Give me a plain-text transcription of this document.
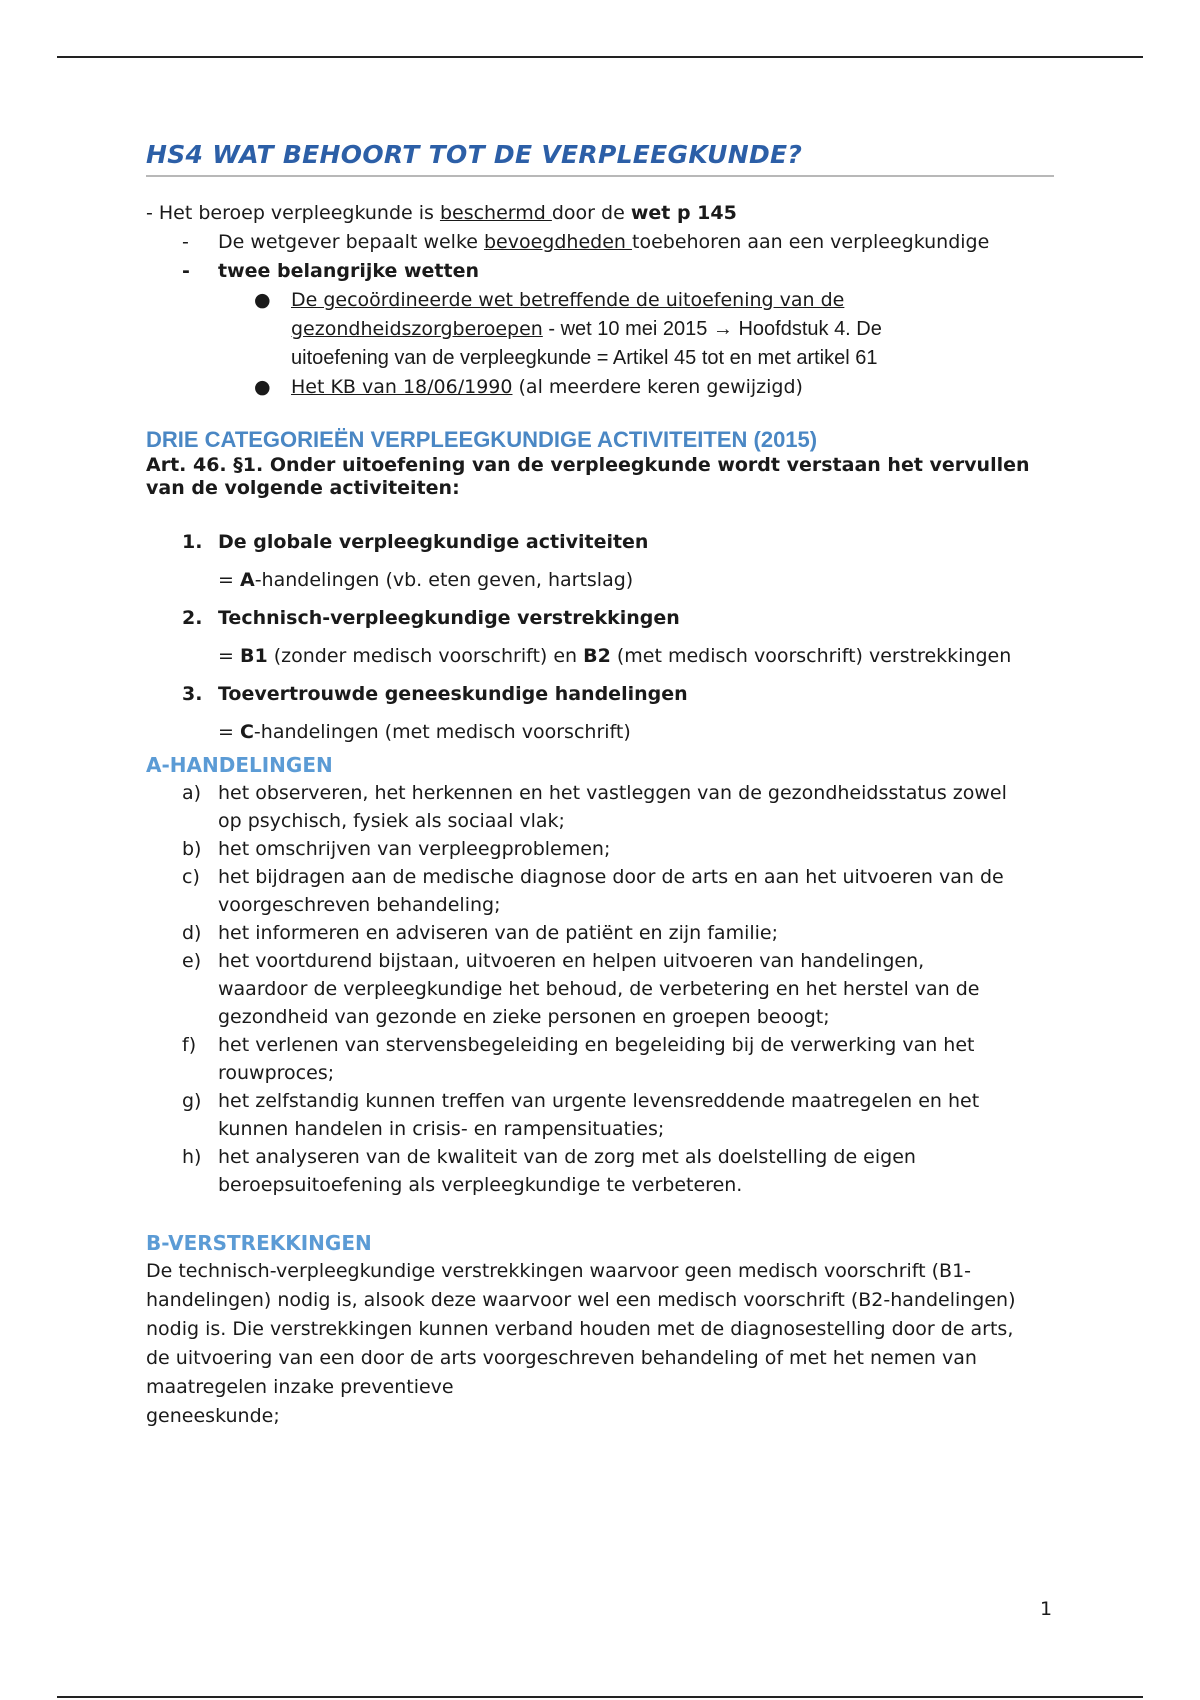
HS4 WAT BEHOORT TOT DE VERPLEEGKUNDE?

- Het beroep verpleegkunde is beschermd door de wet p 145

- De wetgever bepaalt welke bevoegdheden toebehoren aan een verpleegkundige

- twee belangrijke wetten

● De gecoördineerde wet betreffende de uitoefening van de
gezondheidszorgberoepen - wet 10 mei 2015 → Hoofdstuk 4. De
uitoefening van de verpleegkunde = Artikel 45 tot en met artikel 61

● Het KB van 18/06/1990 (al meerdere keren gewijzigd)

DRIE CATEGORIEËN VERPLEEGKUNDIGE ACTIVITEITEN (2015)

Art. 46. §1. Onder uitoefening van de verpleegkunde wordt verstaan het vervullen van de volgende activiteiten:

1. De globale verpleegkundige activiteiten
= A-handelingen (vb. eten geven, hartslag)
2. Technisch-verpleegkundige verstrekkingen
= B1 (zonder medisch voorschrift) en B2 (met medisch voorschrift) verstrekkingen
3. Toevertrouwde geneeskundige handelingen
= C-handelingen (met medisch voorschrift)
A-HANDELINGEN
a) het observeren, het herkennen en het vastleggen van de gezondheidsstatus zowel
op psychisch, fysiek als sociaal vlak;
b) het omschrijven van verpleegproblemen;
c) het bijdragen aan de medische diagnose door de arts en aan het uitvoeren van de
voorgeschreven behandeling;
d) het informeren en adviseren van de patiënt en zijn familie;
e) het voortdurend bijstaan, uitvoeren en helpen uitvoeren van handelingen,
waardoor de verpleegkundige het behoud, de verbetering en het herstel van de
gezondheid van gezonde en zieke personen en groepen beoogt;
f) het verlenen van stervensbegeleiding en begeleiding bij de verwerking van het
rouwproces;
g) het zelfstandig kunnen treffen van urgente levensreddende maatregelen en het
kunnen handelen in crisis- en rampensituaties;
h) het analyseren van de kwaliteit van de zorg met als doelstelling de eigen
beroepsuitoefening als verpleegkundige te verbeteren.
B-VERSTREKKINGEN
De technisch-verpleegkundige verstrekkingen waarvoor geen medisch voorschrift (B1-
handelingen) nodig is, alsook deze waarvoor wel een medisch voorschrift (B2-handelingen)
nodig is. Die verstrekkingen kunnen verband houden met de diagnosestelling door de arts,
de uitvoering van een door de arts voorgeschreven behandeling of met het nemen van
maatregelen inzake preventieve
geneeskunde;
1
